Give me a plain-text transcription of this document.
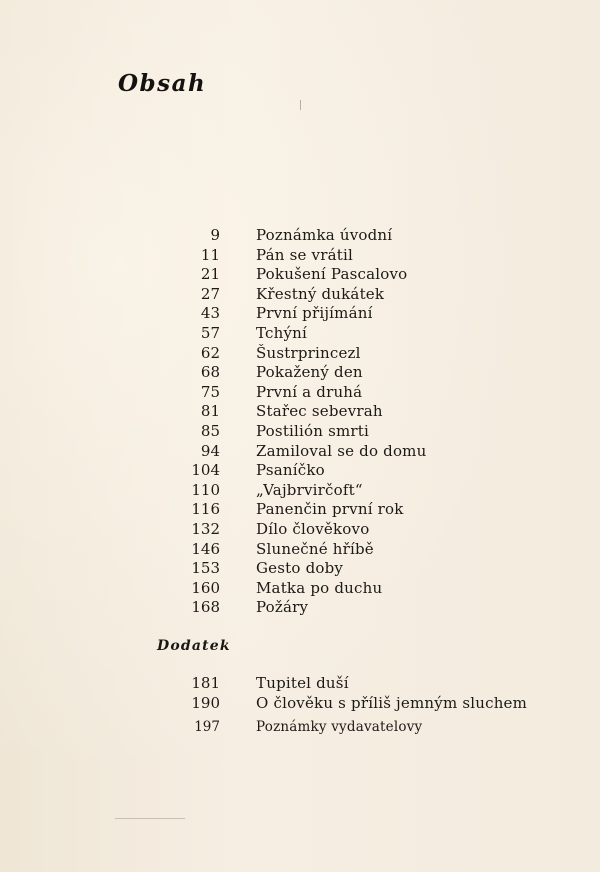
Obsah
9 Poznámka úvodní
11 Pán se vrátil
21 Pokušení Pascalovo
27 Křestný dukátek
43 První přijímání
57 Tchýní
62 Šustrprincezl
68 Pokažený den
75 První a druhá
81 Stařec sebevrah
85 Postilión smrti
94 Zamiloval se do domu
104 Psaníčko
110 „Vajbrvirčoft“
116 Panenčin první rok
132 Dílo člověkovo
146 Slunečné hříbě
153 Gesto doby
160 Matka po duchu
168 Požáry
Dodatek
181 Tupitel duší
190 O člověku s příliš jemným sluchem
197	Poznámky vydavatelovy
